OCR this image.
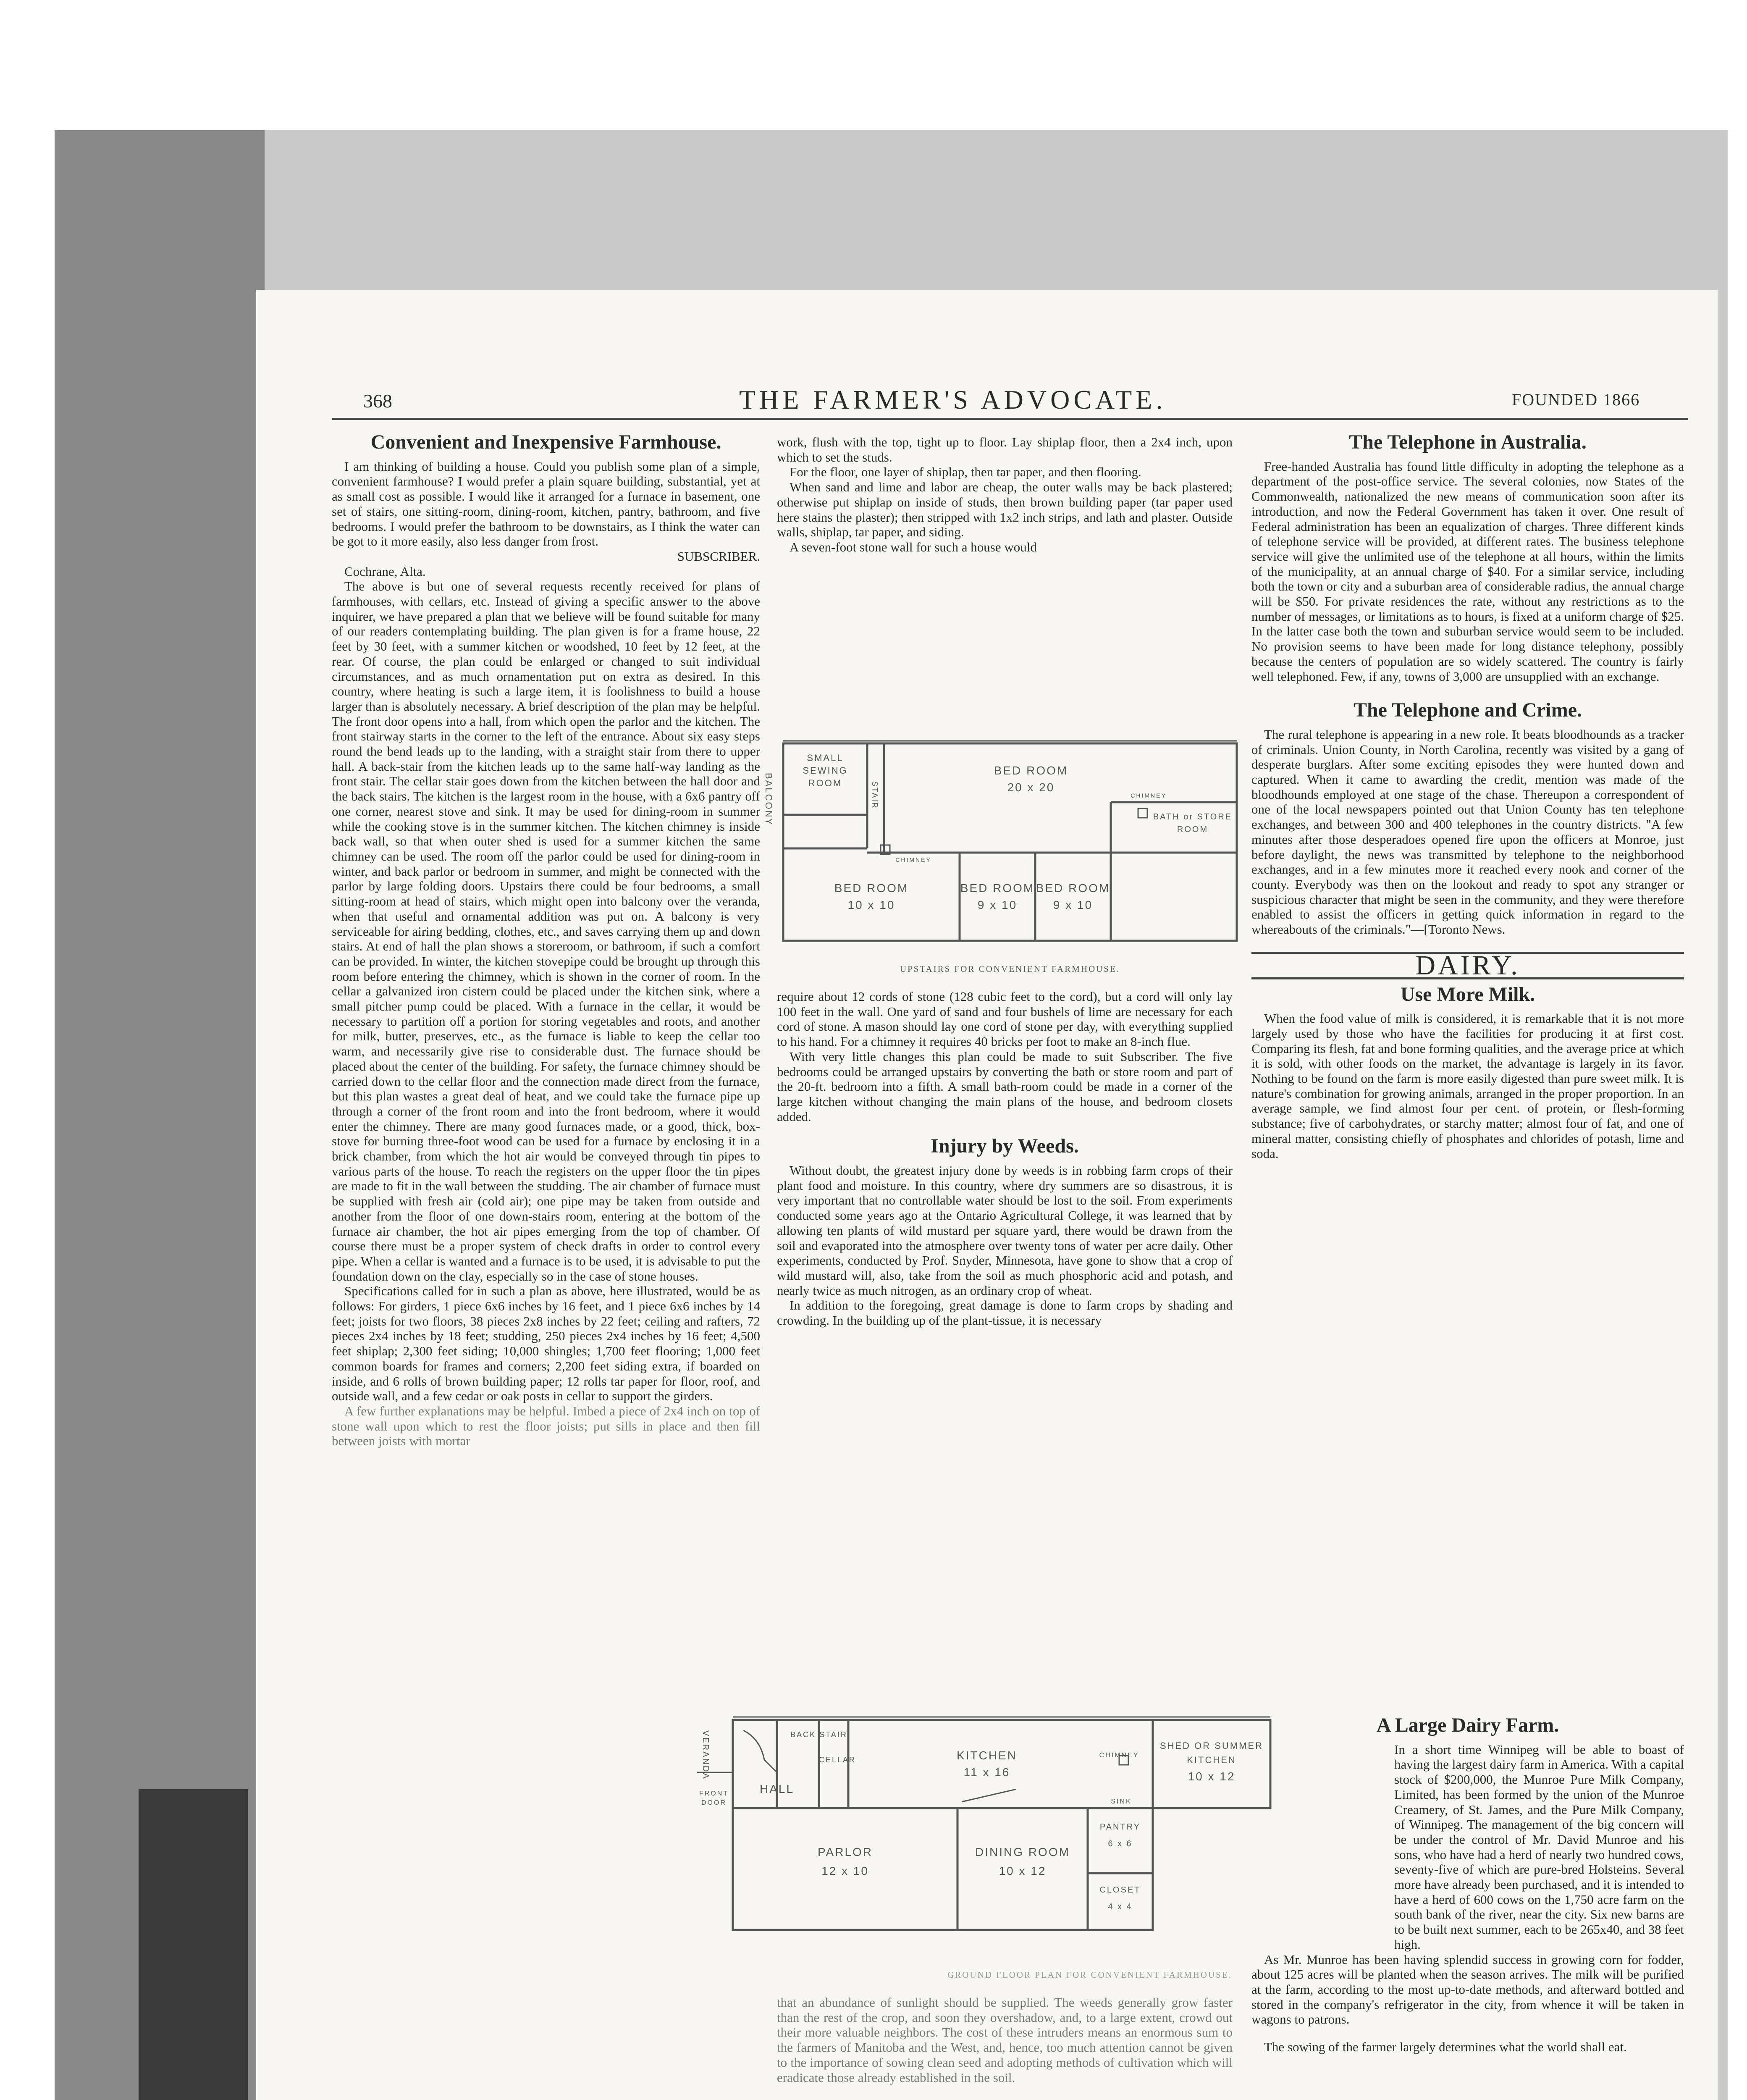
368	THE FARMER'S ADVOCATE.	FOUNDED 1866
Convenient and Inexpensive Farmhouse.

I am thinking of building a house. Could you publish some plan of a simple, convenient farmhouse? I would prefer a plain square building, substantial, yet at as small cost as possible. I would like it arranged for a furnace in basement, one set of stairs, one sitting-room, dining-room, kitchen, pantry, bathroom, and five bedrooms. I would prefer the bathroom to be downstairs, as I think the water can be got to it more easily, also less danger from frost.

SUBSCRIBER.

Cochrane, Alta.

The above is but one of several requests recently received for plans of farmhouses, with cellars, etc. Instead of giving a specific answer to the above inquirer, we have prepared a plan that we believe will be found suitable for many of our readers contemplating building. The plan given is for a frame house, 22 feet by 30 feet, with a summer kitchen or woodshed, 10 feet by 12 feet, at the rear. Of course, the plan could be enlarged or changed to suit individual circumstances, and as much ornamentation put on extra as desired. In this country, where heating is such a large item, it is foolishness to build a house larger than is absolutely necessary. A brief description of the plan may be helpful. The front door opens into a hall, from which open the parlor and the kitchen. The front stairway starts in the corner to the left of the entrance. About six easy steps round the bend leads up to the landing, with a straight stair from there to upper hall. A back-stair from the kitchen leads up to the same half-way landing as the front stair. The cellar stair goes down from the kitchen between the hall door and the back stairs. The kitchen is the largest room in the house, with a 6x6 pantry off one corner, nearest stove and sink. It may be used for dining-room in summer while the cooking stove is in the summer kitchen. The kitchen chimney is inside back wall, so that when outer shed is used for a summer kitchen the same chimney can be used. The room off the parlor could be used for dining-room in winter, and back parlor or bedroom in summer, and might be connected with the parlor by large folding doors. Upstairs there could be four bedrooms, a small sitting-room at head of stairs, which might open into balcony over the veranda, when that useful and ornamental addition was put on. A balcony is very serviceable for airing bedding, clothes, etc., and saves carrying them up and down stairs. At end of hall the plan shows a storeroom, or bathroom, if such a comfort can be provided. In winter, the kitchen stovepipe could be brought up through this room before entering the chimney, which is shown in the corner of room. In the cellar a galvanized iron cistern could be placed under the kitchen sink, where a small pitcher pump could be placed. With a furnace in the cellar, it would be necessary to partition off a portion for storing vegetables and roots, and another for milk, butter, preserves, etc., as the furnace is liable to keep the cellar too warm, and necessarily give rise to considerable dust. The furnace should be placed about the center of the building. For safety, the furnace chimney should be carried down to the cellar floor and the connection made direct from the furnace, but this plan wastes a great deal of heat, and we could take the furnace pipe up through a corner of the front room and into the front bedroom, where it would enter the chimney. There are many good furnaces made, or a good, thick, box-stove for burning three-foot wood can be used for a furnace by enclosing it in a brick chamber, from which the hot air would be conveyed through tin pipes to various parts of the house. To reach the registers on the upper floor the tin pipes are made to fit in the wall between the studding. The air chamber of furnace must be supplied with fresh air (cold air); one pipe may be taken from outside and another from the floor of one down-stairs room, entering at the bottom of the furnace air chamber, the hot air pipes emerging from the top of chamber. Of course there must be a proper system of check drafts in order to control every pipe. When a cellar is wanted and a furnace is to be used, it is advisable to put the foundation down on the clay, especially so in the case of stone houses.

Specifications called for in such a plan as above, here illustrated, would be as follows: For girders, 1 piece 6x6 inches by 16 feet, and 1 piece 6x6 inches by 14 feet; joists for two floors, 38 pieces 2x8 inches by 22 feet; ceiling and rafters, 72 pieces 2x4 inches by 18 feet; studding, 250 pieces 2x4 inches by 16 feet; 4,500 feet shiplap; 2,300 feet siding; 10,000 shingles; 1,700 feet flooring; 1,000 feet common boards for frames and corners; 2,200 feet siding extra, if boarded on inside, and 6 rolls of brown building paper; 12 rolls tar paper for floor, roof, and outside wall, and a few cedar or oak posts in cellar to support the girders.

A few further explanations may be helpful. Imbed a piece of 2x4 inch on top of stone wall upon which to rest the floor joists; put sills in place and then fill between joists with mortar

work, flush with the top, tight up to floor. Lay shiplap floor, then a 2x4 inch, upon which to set the studs.

For the floor, one layer of shiplap, then tar paper, and then flooring.

When sand and lime and labor are cheap, the outer walls may be back plastered; otherwise put shiplap on inside of studs, then brown building paper (tar paper used here stains the plaster); then stripped with 1x2 inch strips, and lath and plaster. Outside walls, shiplap, tar paper, and siding.

A seven-foot stone wall for such a house would

BALCONY
SMALL SEWING ROOM	STAIR
BED ROOM
20 x 20
BATH or STORE ROOM
CHIMNEY
CHIMNEY
BED ROOM
10 x 10
BED ROOM
9 x 10
BED ROOM
9 x 10
UPSTAIRS FOR CONVENIENT FARMHOUSE.

require about 12 cords of stone (128 cubic feet to the cord), but a cord will only lay 100 feet in the wall. One yard of sand and four bushels of lime are necessary for each cord of stone. A mason should lay one cord of stone per day, with everything supplied to his hand. For a chimney it requires 40 bricks per foot to make an 8-inch flue.

With very little changes this plan could be made to suit Subscriber. The five bedrooms could be arranged upstairs by converting the bath or store room and part of the 20-ft. bedroom into a fifth. A small bath-room could be made in a corner of the large kitchen without changing the main plans of the house, and bedroom closets added.

Injury by Weeds.

Without doubt, the greatest injury done by weeds is in robbing farm crops of their plant food and moisture. In this country, where dry summers are so disastrous, it is very important that no controllable water should be lost to the soil. From experiments conducted some years ago at the Ontario Agricultural College, it was learned that by allowing ten plants of wild mustard per square yard, there would be drawn from the soil and evaporated into the atmosphere over twenty tons of water per acre daily. Other experiments, conducted by Prof. Snyder, Minnesota, have gone to show that a crop of wild mustard will, also, take from the soil as much phosphoric acid and potash, and nearly twice as much nitrogen, as an ordinary crop of wheat.

In addition to the foregoing, great damage is done to farm crops by shading and crowding. In the building up of the plant-tissue, it is necessary

VERANDA
FRONT DOOR
BACK STAIR
CELLAR	KITCHEN
11 x 16
CHIMNEY
SHED OR SUMMER KITCHEN
10 x 12
HALL
SINK
PANTRY
6 x 6
CLOSET
4 x 4
PARLOR
12 x 10
DINING ROOM
10 x 12
GROUND FLOOR PLAN FOR CONVENIENT FARMHOUSE.

that an abundance of sunlight should be supplied. The weeds generally grow faster than the rest of the crop, and soon they overshadow, and, to a large extent, crowd out their more valuable neighbors. The cost of these intruders means an enormous sum to the farmers of Manitoba and the West, and, hence, too much attention cannot be given to the importance of sowing clean seed and adopting methods of cultivation which will eradicate those already established in the soil.

The Telephone in Australia.

Free-handed Australia has found little difficulty in adopting the telephone as a department of the post-office service. The several colonies, now States of the Commonwealth, nationalized the new means of communication soon after its introduction, and now the Federal Government has taken it over. One result of Federal administration has been an equalization of charges. Three different kinds of telephone service will be provided, at different rates. The business telephone service will give the unlimited use of the telephone at all hours, within the limits of the municipality, at an annual charge of $40. For a similar service, including both the town or city and a suburban area of considerable radius, the annual charge will be $50. For private residences the rate, without any restrictions as to the number of messages, or limitations as to hours, is fixed at a uniform charge of $25. In the latter case both the town and suburban service would seem to be included. No provision seems to have been made for long distance telephony, possibly because the centers of population are so widely scattered. The country is fairly well telephoned. Few, if any, towns of 3,000 are unsupplied with an exchange.

The Telephone and Crime.

The rural telephone is appearing in a new role. It beats bloodhounds as a tracker of criminals. Union County, in North Carolina, recently was visited by a gang of desperate burglars. After some exciting episodes they were hunted down and captured. When it came to awarding the credit, mention was made of the bloodhounds employed at one stage of the chase. Thereupon a correspondent of one of the local newspapers pointed out that Union County has ten telephone exchanges, and between 300 and 400 telephones in the country districts. "A few minutes after those desperadoes opened fire upon the officers at Monroe, just before daylight, the news was transmitted by telephone to the neighborhood exchanges, and in a few minutes more it reached every nook and corner of the county. Everybody was then on the lookout and ready to spot any stranger or suspicious character that might be seen in the community, and they were therefore enabled to assist the officers in getting quick information in regard to the whereabouts of the criminals."—[Toronto News.

DAIRY.
Use More Milk.

When the food value of milk is considered, it is remarkable that it is not more largely used by those who have the facilities for producing it at first cost. Comparing its flesh, fat and bone forming qualities, and the average price at which it is sold, with other foods on the market, the advantage is largely in its favor. Nothing to be found on the farm is more easily digested than pure sweet milk. It is nature's combination for growing animals, arranged in the proper proportion. In an average sample, we find almost four per cent. of protein, or flesh-forming substance; five of carbohydrates, or starchy matter; almost four of fat, and one of mineral matter, consisting chiefly of phosphates and chlorides of potash, lime and soda.

A Large Dairy Farm.

In a short time Winnipeg will be able to boast of having the largest dairy farm in America. With a capital stock of $200,000, the Munroe Pure Milk Company, Limited, has been formed by the union of the Munroe Creamery, of St. James, and the Pure Milk Company, of Winnipeg. The management of the big concern will be under the control of Mr. David Munroe and his sons, who have had a herd of nearly two hundred cows, seventy-five of which are pure-bred Holsteins. Several more have already been purchased, and it is intended to have a herd of 600 cows on the 1,750 acre farm on the south bank of the river, near the city. Six new barns are to be built next summer, each to be 265x40, and 38 feet high.

As Mr. Munroe has been having splendid success in growing corn for fodder, about 125 acres will be planted when the season arrives. The milk will be purified at the farm, according to the most up-to-date methods, and afterward bottled and stored in the company's refrigerator in the city, from whence it will be taken in wagons to patrons.

The sowing of the farmer largely determines what the world shall eat.
